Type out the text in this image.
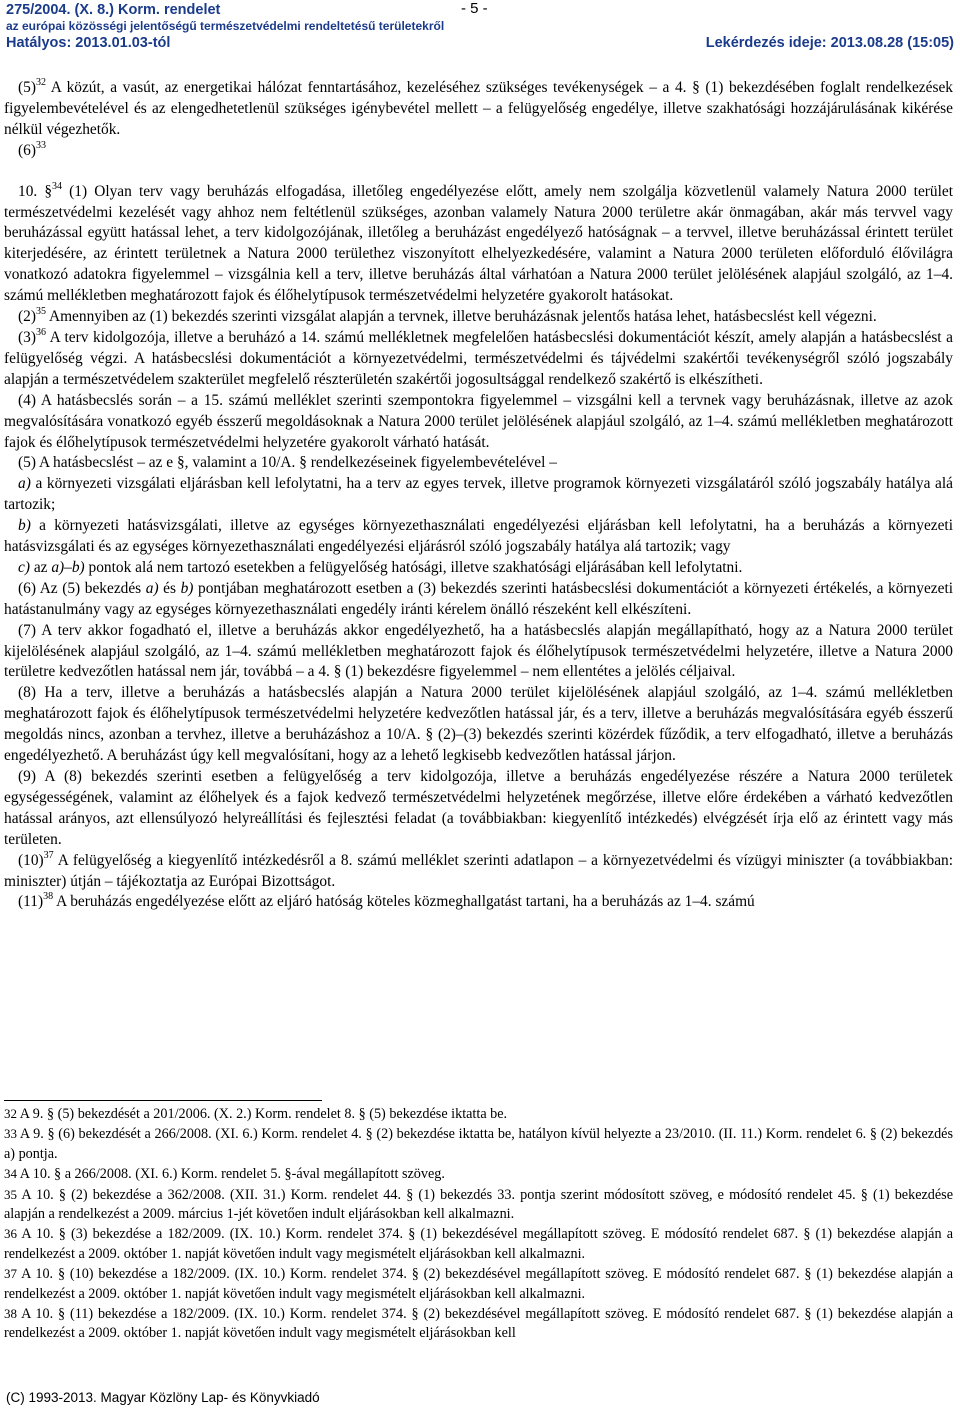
275/2004. (X. 8.) Korm. rendelet	- 5 -
az európai közösségi jelentőségű természetvédelmi rendeltetésű területekről
Hatályos: 2013.01.03-tól	Lekérdezés ideje: 2013.08.28 (15:05)

$(5)^{32}$ A közút, a vasút, az energetikai hálózat fenntartásához, kezeléséhez szükséges tevékenységek – a 4. § (1) bekezdésében foglalt rendelkezések figyelembevételével és az elengedhetetlenül szükséges igénybevétel mellett – a felügyelőség engedélye, illetve szakhatósági hozzájárulásának kikérése nélkül végezhetők.

$(6)^{33}$

10. §$^{34}$ (1) Olyan terv vagy beruházás elfogadása, illetőleg engedélyezése előtt, amely nem szolgálja közvetlenül valamely Natura 2000 terület természetvédelmi kezelését vagy ahhoz nem feltétlenül szükséges, azonban valamely Natura 2000 területre akár önmagában, akár más tervvel vagy beruházással együtt hatással lehet, a terv kidolgozójának, illetőleg a beruházást engedélyező hatóságnak – a tervvel, illetve beruházással érintett terület kiterjedésére, az érintett területnek a Natura 2000 területhez viszonyított elhelyezkedésére, valamint a Natura 2000 területen előforduló élővilágra vonatkozó adatokra figyelemmel – vizsgálnia kell a terv, illetve beruházás által várhatóan a Natura 2000 terület jelölésének alapjául szolgáló, az 1–4. számú mellékletben meghatározott fajok és élőhelytípusok természetvédelmi helyzetére gyakorolt hatásokat.

$(2)^{35}$ Amennyiben az (1) bekezdés szerinti vizsgálat alapján a tervnek, illetve beruházásnak jelentős hatása lehet, hatásbecslést kell végezni.

$(3)^{36}$ A terv kidolgozója, illetve a beruházó a 14. számú mellékletnek megfelelően hatásbecslési dokumentációt készít, amely alapján a hatásbecslést a felügyelőség végzi. A hatásbecslési dokumentációt a környezetvédelmi, természetvédelmi és tájvédelmi szakértői tevékenységről szóló jogszabály alapján a természetvédelem szakterület megfelelő részterületén szakértői jogosultsággal rendelkező szakértő is elkészítheti.

(4) A hatásbecslés során – a 15. számú melléklet szerinti szempontokra figyelemmel – vizsgálni kell a tervnek vagy beruházásnak, illetve az azok megvalósítására vonatkozó egyéb ésszerű megoldásoknak a Natura 2000 terület jelölésének alapjául szolgáló, az 1–4. számú mellékletben meghatározott fajok és élőhelytípusok természetvédelmi helyzetére gyakorolt várható hatását.

(5) A hatásbecslést – az e §, valamint a 10/A. § rendelkezéseinek figyelembevételével –

a) a környezeti vizsgálati eljárásban kell lefolytatni, ha a terv az egyes tervek, illetve programok környezeti vizsgálatáról szóló jogszabály hatálya alá tartozik;

b) a környezeti hatásvizsgálati, illetve az egységes környezethasználati engedélyezési eljárásban kell lefolytatni, ha a beruházás a környezeti hatásvizsgálati és az egységes környezethasználati engedélyezési eljárásról szóló jogszabály hatálya alá tartozik; vagy

c) az a)–b) pontok alá nem tartozó esetekben a felügyelőség hatósági, illetve szakhatósági eljárásában kell lefolytatni.

(6) Az (5) bekezdés a) és b) pontjában meghatározott esetben a (3) bekezdés szerinti hatásbecslési dokumentációt a környezeti értékelés, a környezeti hatástanulmány vagy az egységes környezethasználati engedély iránti kérelem önálló részeként kell elkészíteni.

(7) A terv akkor fogadható el, illetve a beruházás akkor engedélyezhető, ha a hatásbecslés alapján megállapítható, hogy az a Natura 2000 terület kijelölésének alapjául szolgáló, az 1–4. számú mellékletben meghatározott fajok és élőhelytípusok természetvédelmi helyzetére, illetve a Natura 2000 területre kedvezőtlen hatással nem jár, továbbá – a 4. § (1) bekezdésre figyelemmel – nem ellentétes a jelölés céljaival.

(8) Ha a terv, illetve a beruházás a hatásbecslés alapján a Natura 2000 terület kijelölésének alapjául szolgáló, az 1–4. számú mellékletben meghatározott fajok és élőhelytípusok természetvédelmi helyzetére kedvezőtlen hatással jár, és a terv, illetve a beruházás megvalósítására egyéb ésszerű megoldás nincs, azonban a tervhez, illetve a beruházáshoz a 10/A. § (2)–(3) bekezdés szerinti közérdek fűződik, a terv elfogadható, illetve a beruházás engedélyezhető. A beruházást úgy kell megvalósítani, hogy az a lehető legkisebb kedvezőtlen hatással járjon.

(9) A (8) bekezdés szerinti esetben a felügyelőség a terv kidolgozója, illetve a beruházás engedélyezése részére a Natura 2000 területek egységességének, valamint az élőhelyek és a fajok kedvező természetvédelmi helyzetének megőrzése, illetve előre érdekében a várható kedvezőtlen hatással arányos, azt ellensúlyozó helyreállítási és fejlesztési feladat (a továbbiakban: kiegyenlítő intézkedés) elvégzését írja elő az érintett vagy más területen.

$(10)^{37}$ A felügyelőség a kiegyenlítő intézkedésről a 8. számú melléklet szerinti adatlapon – a környezetvédelmi és vízügyi miniszter (a továbbiakban: miniszter) útján – tájékoztatja az Európai Bizottságot.

$(11)^{38}$ A beruházás engedélyezése előtt az eljáró hatóság köteles közmeghallgatást tartani, ha a beruházás az 1–4. számú

32 A 9. § (5) bekezdését a 201/2006. (X. 2.) Korm. rendelet 8. § (5) bekezdése iktatta be.

33 A 9. § (6) bekezdését a 266/2008. (XI. 6.) Korm. rendelet 4. § (2) bekezdése iktatta be, hatályon kívül helyezte a 23/2010. (II. 11.) Korm. rendelet 6. § (2) bekezdés a) pontja.

34 A 10. § a 266/2008. (XI. 6.) Korm. rendelet 5. §-ával megállapított szöveg.

35 A 10. § (2) bekezdése a 362/2008. (XII. 31.) Korm. rendelet 44. § (1) bekezdés 33. pontja szerint módosított szöveg, e módosító rendelet 45. § (1) bekezdése alapján a rendelkezést a 2009. március 1-jét követően indult eljárásokban kell alkalmazni.

36 A 10. § (3) bekezdése a 182/2009. (IX. 10.) Korm. rendelet 374. § (1) bekezdésével megállapított szöveg. E módosító rendelet 687. § (1) bekezdése alapján a rendelkezést a 2009. október 1. napját követően indult vagy megismételt eljárásokban kell alkalmazni.

37 A 10. § (10) bekezdése a 182/2009. (IX. 10.) Korm. rendelet 374. § (2) bekezdésével megállapított szöveg. E módosító rendelet 687. § (1) bekezdése alapján a rendelkezést a 2009. október 1. napját követően indult vagy megismételt eljárásokban kell alkalmazni.

38 A 10. § (11) bekezdése a 182/2009. (IX. 10.) Korm. rendelet 374. § (2) bekezdésével megállapított szöveg. E módosító rendelet 687. § (1) bekezdése alapján a rendelkezést a 2009. október 1. napját követően indult vagy megismételt eljárásokban kell

(C) 1993-2013. Magyar Közlöny Lap- és Könyvkiadó
